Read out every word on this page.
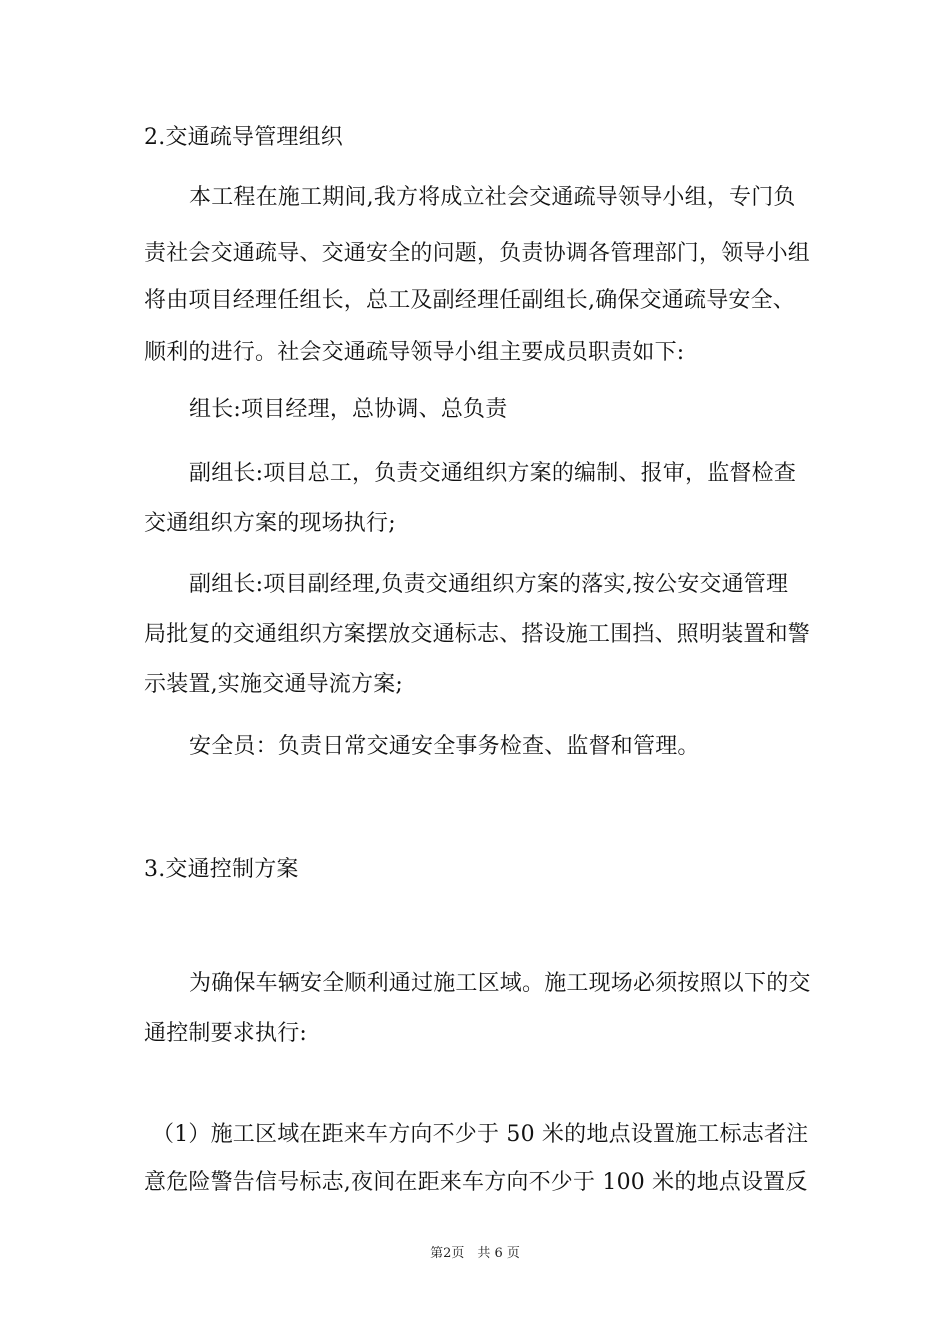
2.交通疏导管理组织
本工程在施工期间,我方将成立社会交通疏导领导小组，专门负
责社会交通疏导、交通安全的问题，负责协调各管理部门，领导小组
将由项目经理任组长，总工及副经理任副组长,确保交通疏导安全、
顺利的进行。社会交通疏导领导小组主要成员职责如下:
组长:项目经理，总协调、总负责
副组长:项目总工，负责交通组织方案的编制、报审，监督检查
交通组织方案的现场执行;
副组长:项目副经理,负责交通组织方案的落实,按公安交通管理
局批复的交通组织方案摆放交通标志、搭设施工围挡、照明装置和警
示装置,实施交通导流方案;
安全员：负责日常交通安全事务检查、监督和管理。
3.交通控制方案
为确保车辆安全顺利通过施工区域。施工现场必须按照以下的交
通控制要求执行:
（1）施工区域在距来车方向不少于 50 米的地点设置施工标志者注
意危险警告信号标志,夜间在距来车方向不少于 100 米的地点设置反
第2页　共 6 页
